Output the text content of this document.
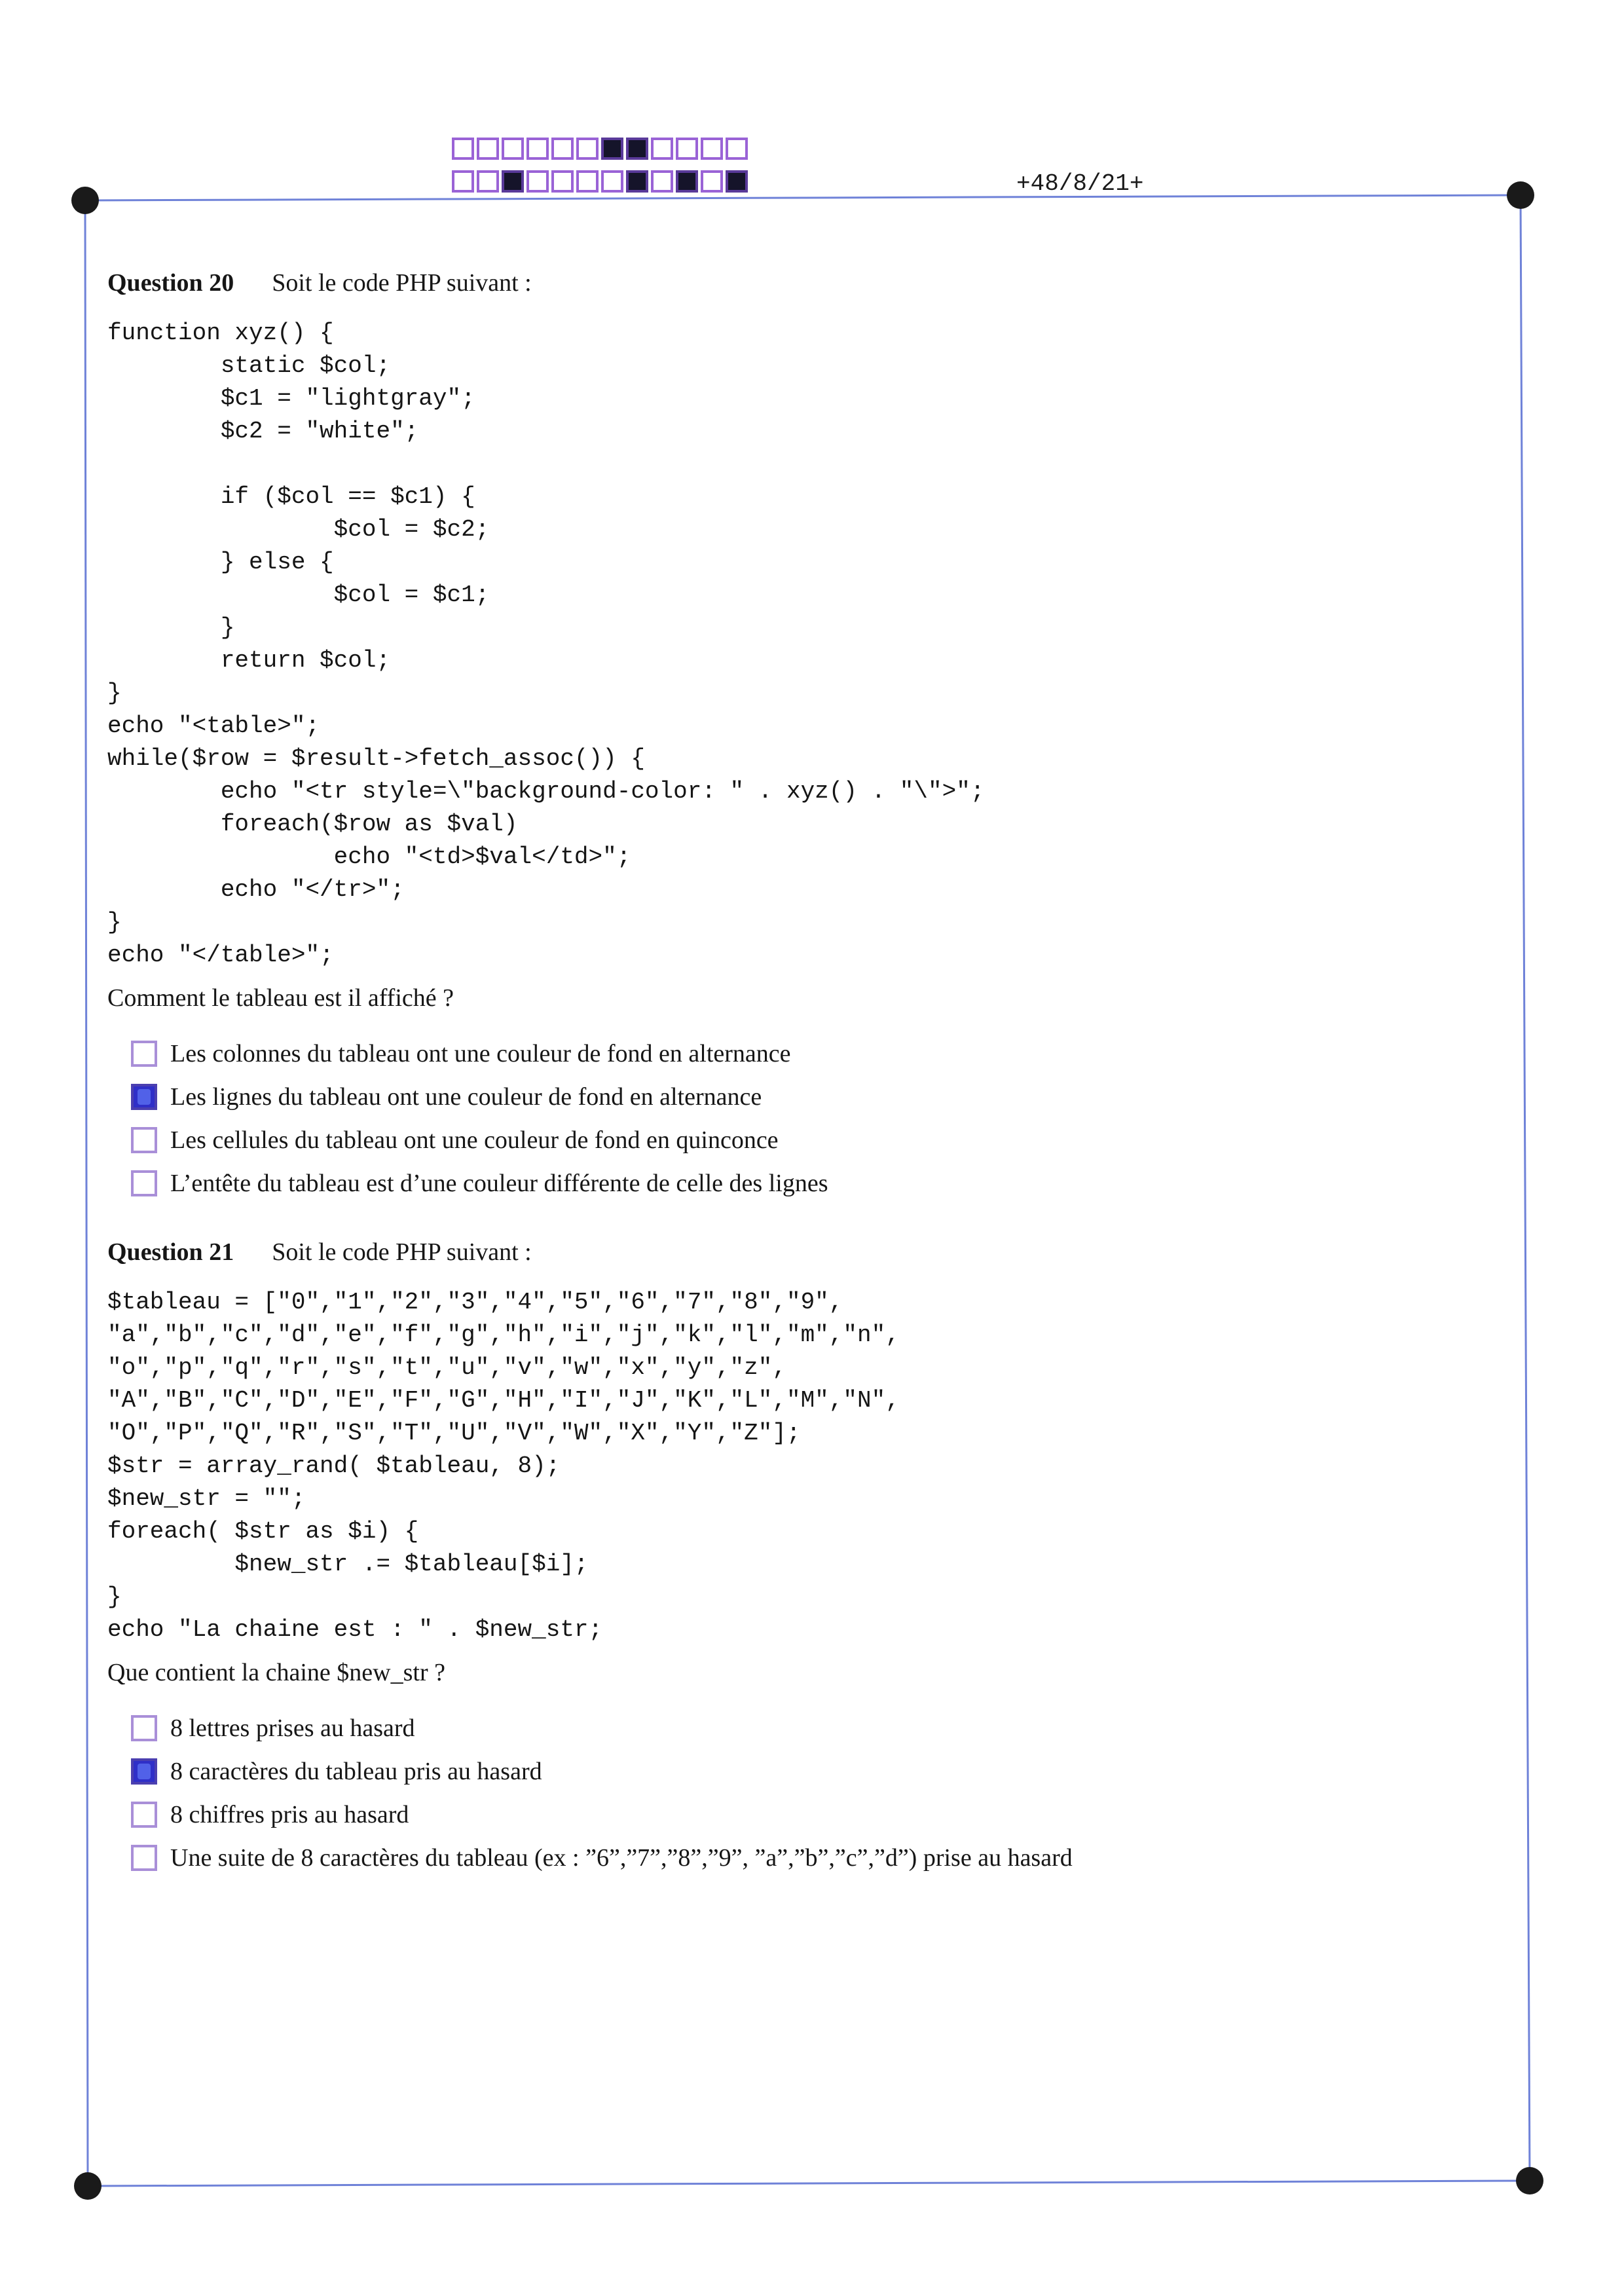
+48/8/21+
Question 20 Soit le code PHP suivant :
function xyz() {
static $col;
$c1 = "lightgray";
$c2 = "white";

if ($col == $c1) {
$col = $c2;
} else {
$col = $c1;
}
return $col;
}
echo "<table>";
while($row = $result->fetch_assoc()) {
echo "<tr style=\"background-color: " . xyz() . "\">";
foreach($row as $val)
echo "<td>$val</td>";
echo "</tr>";
}
echo "</table>";

Comment le tableau est il affiché ?
Les colonnes du tableau ont une couleur de fond en alternance
Les lignes du tableau ont une couleur de fond en alternance
Les cellules du tableau ont une couleur de fond en quinconce
L’entête du tableau est d’une couleur différente de celle des lignes
Question 21 Soit le code PHP suivant :
$tableau = ["0","1","2","3","4","5","6","7","8","9",
"a","b","c","d","e","f","g","h","i","j","k","l","m","n",
"o","p","q","r","s","t","u","v","w","x","y","z",
"A","B","C","D","E","F","G","H","I","J","K","L","M","N",
"O","P","Q","R","S","T","U","V","W","X","Y","Z"];
$str = array_rand( $tableau, 8);
$new_str = "";
foreach( $str as $i) {
$new_str .= $tableau[$i];
}
echo "La chaine est : " . $new_str;

Que contient la chaine $new_str ?
8 lettres prises au hasard
8 caractères du tableau pris au hasard
8 chiffres pris au hasard
Une suite de 8 caractères du tableau (ex : ”6”,”7”,”8”,”9”, ”a”,”b”,”c”,”d”) prise au hasard
